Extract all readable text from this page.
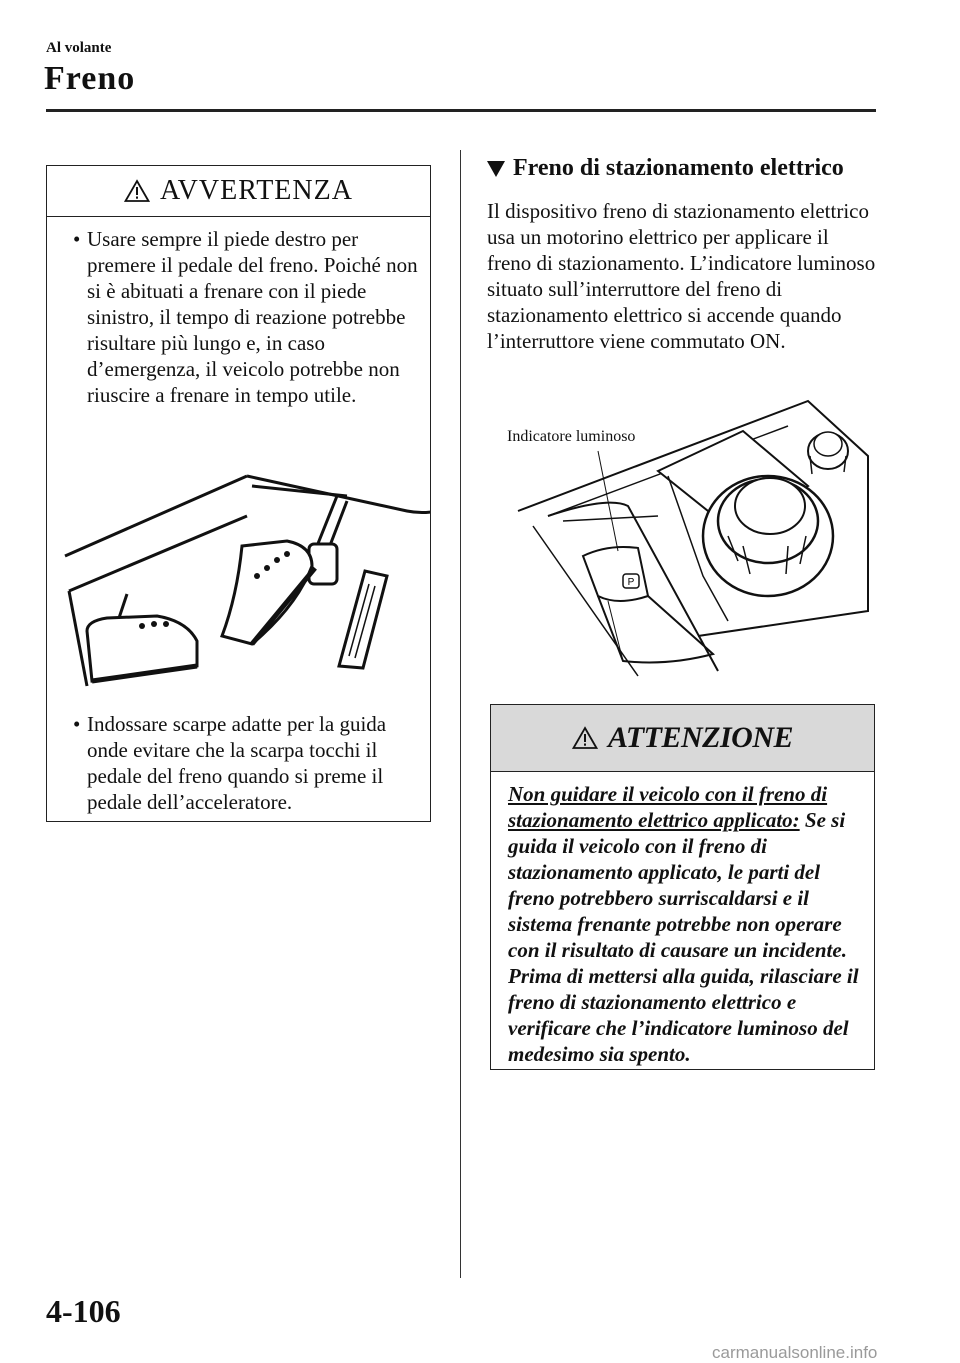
Al volante
Freno
AVVERTENZA
• Usare sempre il piede destro per premere il pedale del freno. Poiché non si è abituati a frenare con il piede sinistro, il tempo di reazione potrebbe risultare più lungo e, in caso d’emergenza, il veicolo potrebbe non riuscire a frenare in tempo utile.
• Indossare scarpe adatte per la guida onde evitare che la scarpa tocchi il pedale del freno quando si preme il pedale dell’acceleratore.
Freno di stazionamento elettrico
Il dispositivo freno di stazionamento elettrico usa un motorino elettrico per applicare il freno di stazionamento. L’indicatore luminoso situato sull’interruttore del freno di stazionamento elettrico si accende quando l’interruttore viene commutato ON.
P
Indicatore luminoso
ATTENZIONE
Non guidare il veicolo con il freno di stazionamento elettrico applicato: Se si guida il veicolo con il freno di stazionamento applicato, le parti del freno potrebbero surriscaldarsi e il sistema frenante potrebbe non operare con il risultato di causare un incidente. Prima di mettersi alla guida, rilasciare il freno di stazionamento elettrico e verificare che l’indicatore luminoso del medesimo sia spento.
4-106
carmanualsonline.info
